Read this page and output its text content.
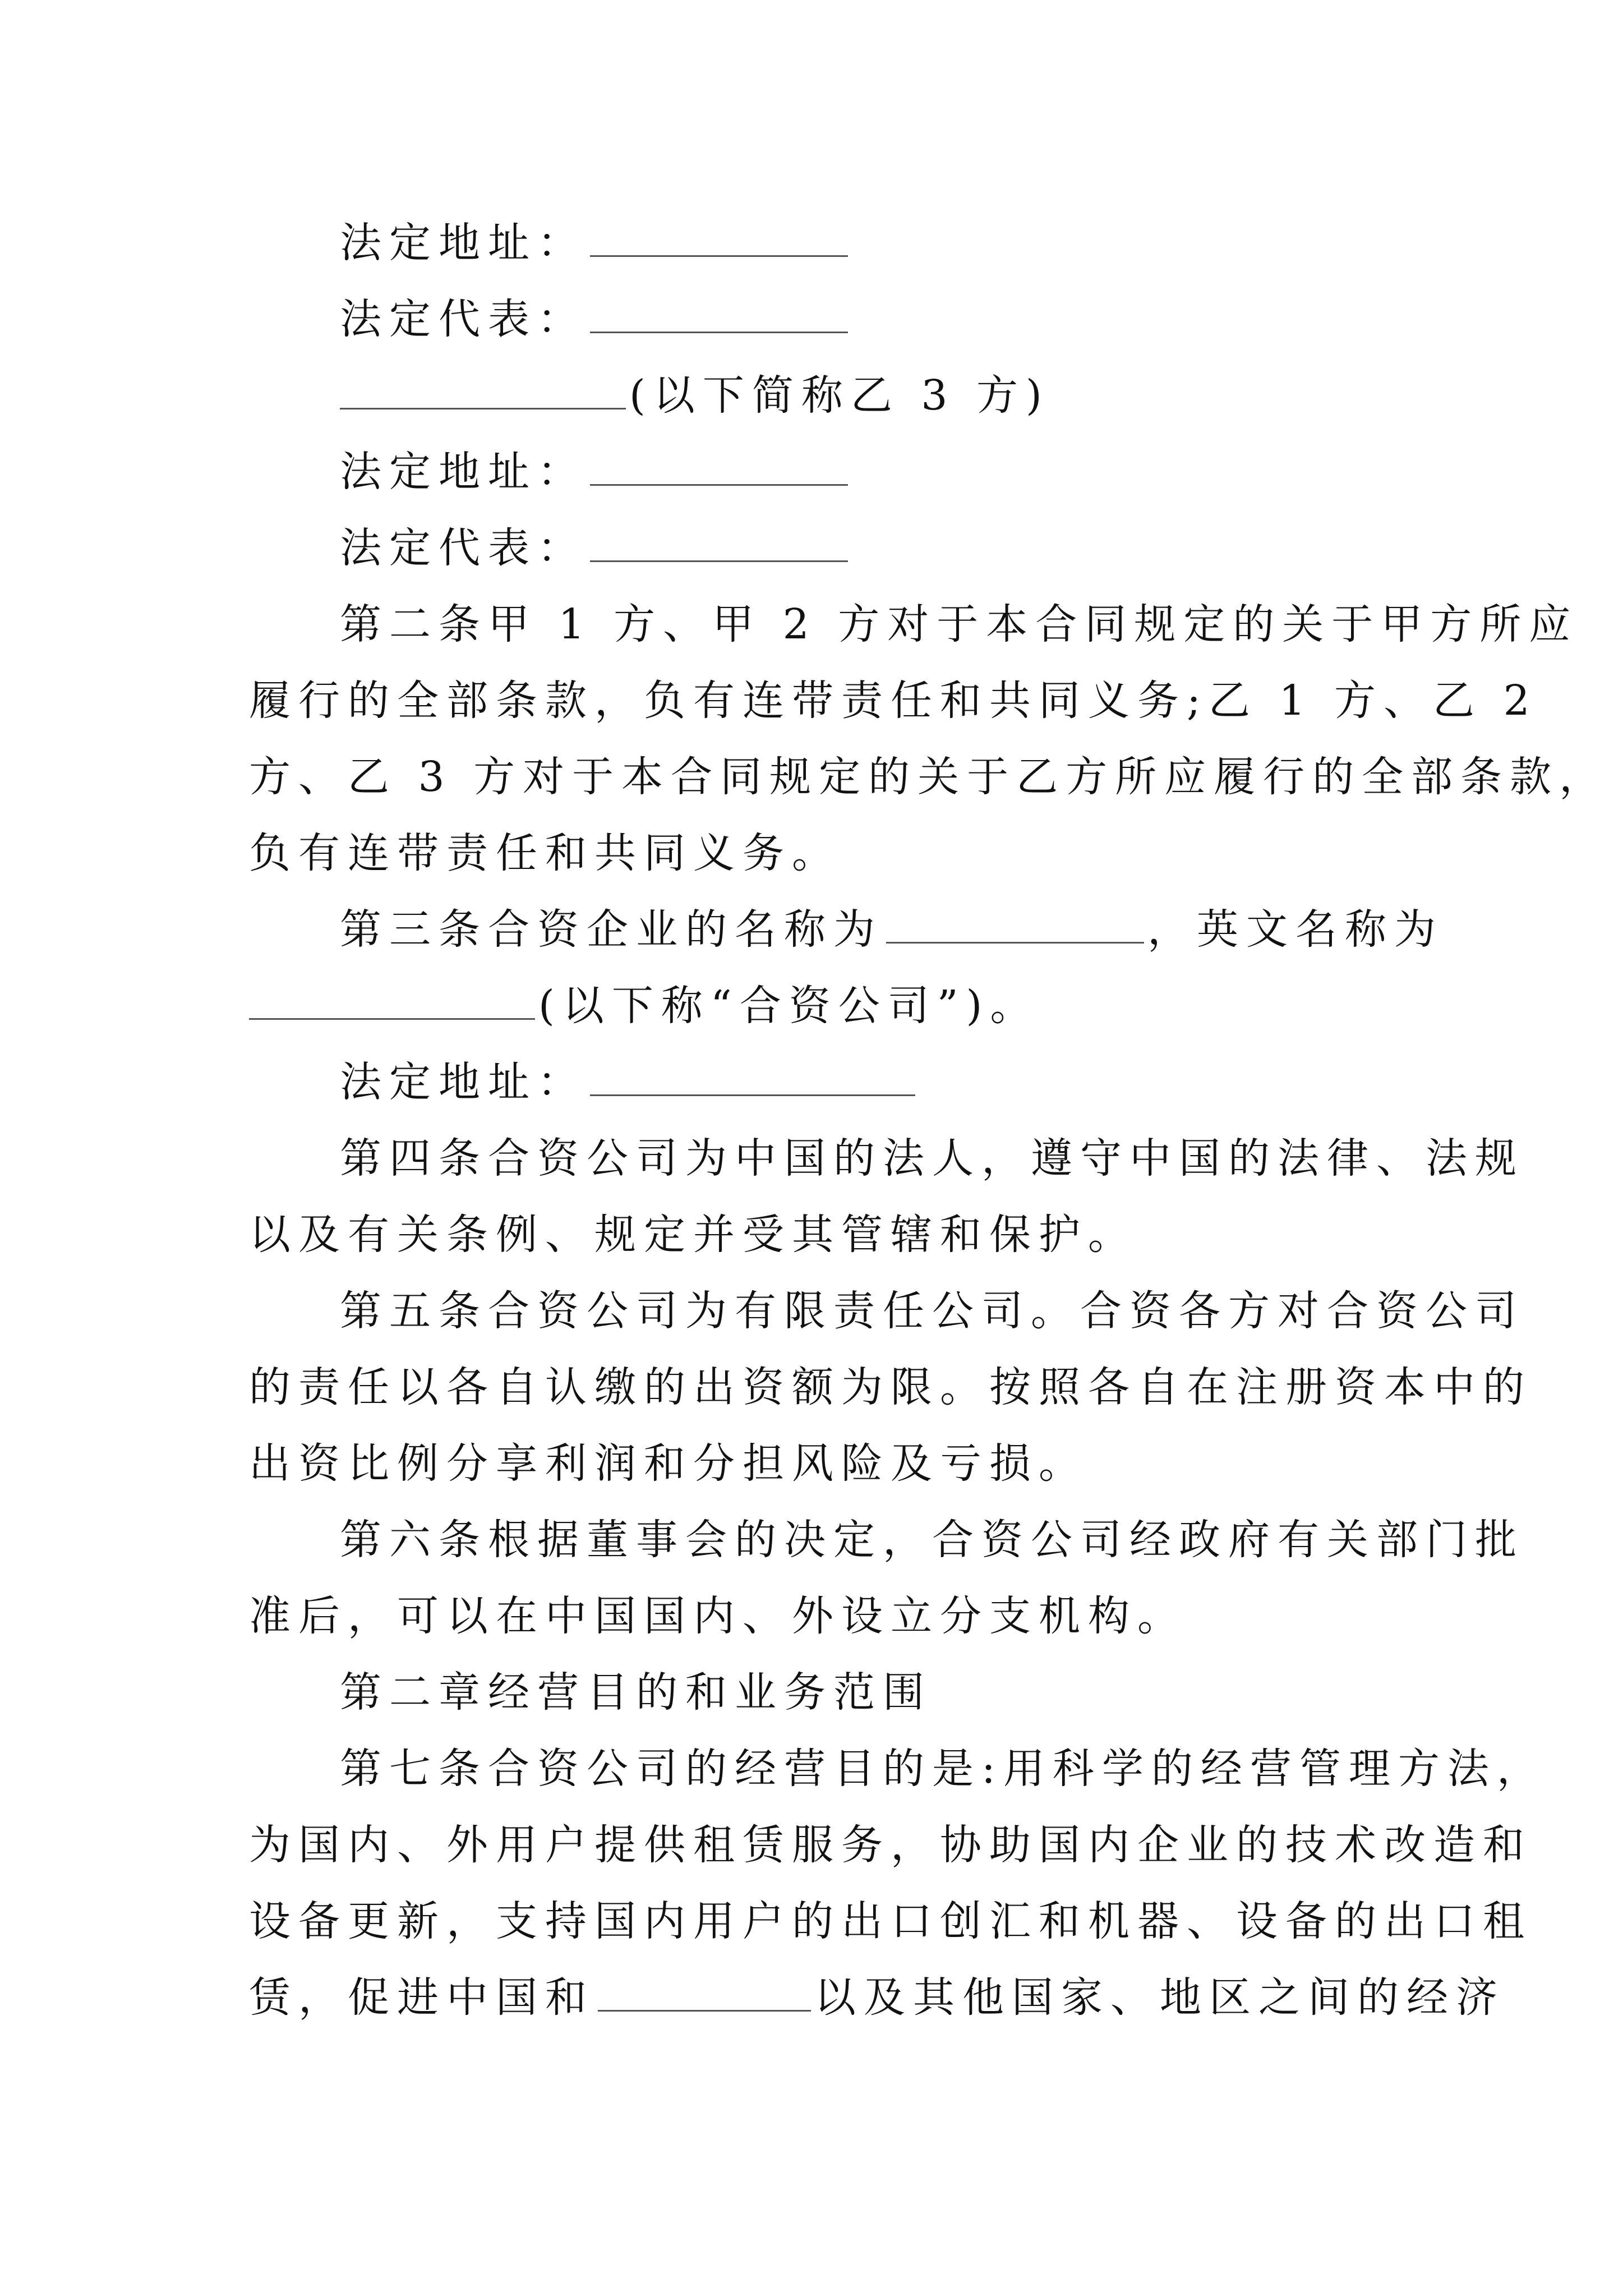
法定地址：
法定代表：
(以下简称乙 3 方)
法定地址：
法定代表：
第二条甲 1 方、甲 2 方对于本合同规定的关于甲方所应
履行的全部条款，负有连带责任和共同义务;乙 1 方、乙 2
方、乙 3 方对于本合同规定的关于乙方所应履行的全部条款，
负有连带责任和共同义务。
第三条合资企业的名称为	，英文名称为
(以下称“合资公司”)。
法定地址：
第四条合资公司为中国的法人，遵守中国的法律、法规
以及有关条例、规定并受其管辖和保护。
第五条合资公司为有限责任公司。合资各方对合资公司
的责任以各自认缴的出资额为限。按照各自在注册资本中的
出资比例分享利润和分担风险及亏损。
第六条根据董事会的决定，合资公司经政府有关部门批
准后，可以在中国国内、外设立分支机构。
第二章经营目的和业务范围
第七条合资公司的经营目的是:用科学的经营管理方法，
为国内、外用户提供租赁服务，协助国内企业的技术改造和
设备更新，支持国内用户的出口创汇和机器、设备的出口租
赁，促进中国和	以及其他国家、地区之间的经济
